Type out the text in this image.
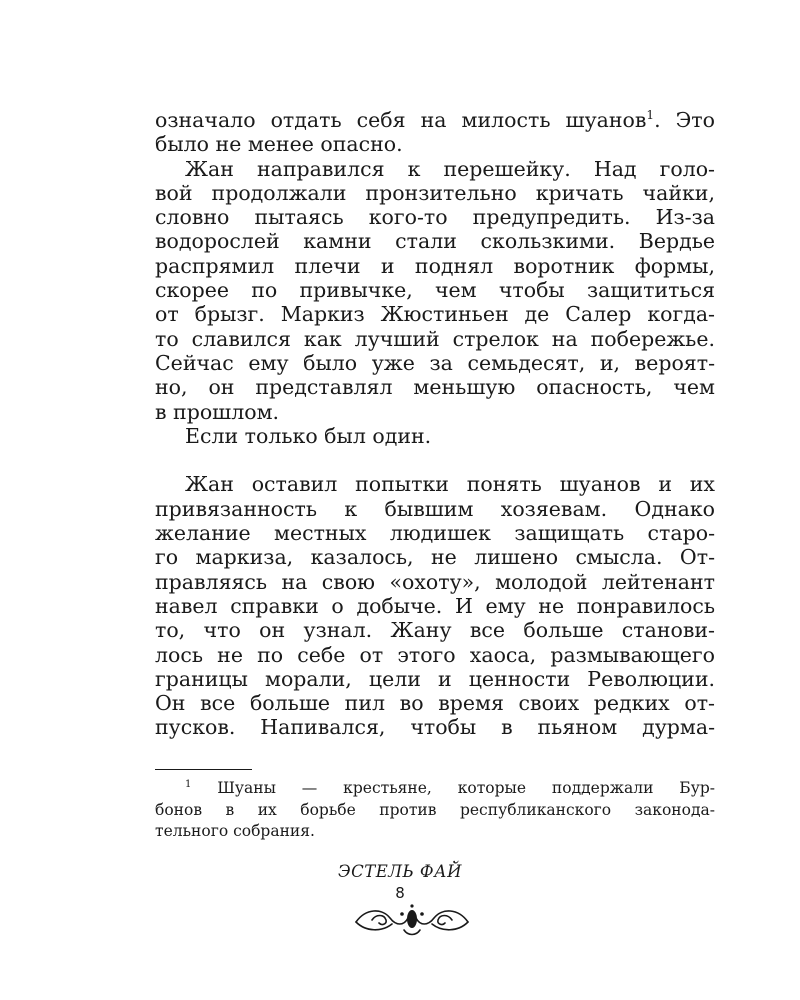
означало отдать себя на милость шуанов$^1$. Это
было не менее опасно.
Жан направился к перешейку. Над голо-
вой продолжали пронзительно кричать чайки,
словно пытаясь кого-то предупредить. Из-за
водорослей камни стали скользкими. Вердье
распрямил плечи и поднял воротник формы,
скорее по привычке, чем чтобы защититься
от брызг. Маркиз Жюстиньен де Салер когда-
то славился как лучший стрелок на побережье.
Сейчас ему было уже за семьдесят, и, вероят-
но, он представлял меньшую опасность, чем
в прошлом.
Если только был один.
Жан оставил попытки понять шуанов и их
привязанность к бывшим хозяевам. Однако
желание местных людишек защищать старо-
го маркиза, казалось, не лишено смысла. От-
правляясь на свою «охоту», молодой лейтенант
навел справки о добыче. И ему не понравилось
то, что он узнал. Жану все больше станови-
лось не по себе от этого хаоса, размывающего
границы морали, цели и ценности Революции.
Он все больше пил во время своих редких от-
пусков. Напивался, чтобы в пьяном дурма-
$^1$ Шуаны — крестьяне, которые поддержали Бур-
бонов в их борьбе против республиканского законода-
тельного собрания.
ЭСТЕЛЬ ФАЙ
8
